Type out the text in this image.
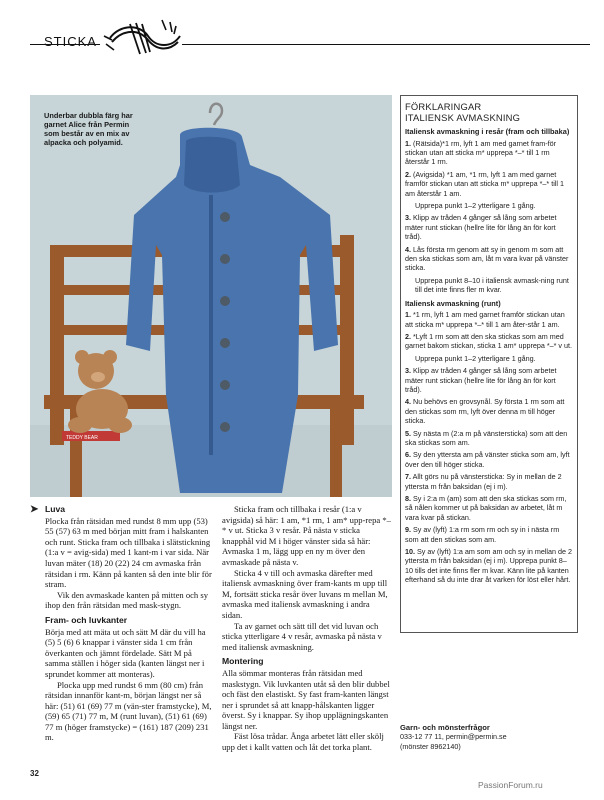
STICKA
TEDDY BEAR
Underbar dubbla färg har garnet Alice från Permin som består av en mix av alpacka och polyamid.
➤ Luva

Plocka från rätsidan med rundst 8 mm upp (53) 55 (57) 63 m med början mitt fram i halskanten och runt. Sticka fram och tillbaka i slätstickning (1:a v = avig-sida) med 1 kant-m i var sida. När luvan mäter (18) 20 (22) 24 cm avmaska från rätsidan i rm. Känn på kanten så den inte blir för stram.

Vik den avmaskade kanten på mitten och sy ihop den från rätsidan med mask-stygn.

Fram- och luvkanter

Börja med att mäta ut och sätt M där du vill ha (5) 5 (6) 6 knappar i vänster sida 1 cm från överkanten och jämnt fördelade. Sätt M på samma ställen i höger sida (kanten längst ner i sprundet kommer att monteras).

Plocka upp med rundst 6 mm (80 cm) från rätsidan innanför kant-m, början längst ner så här: (51) 61 (69) 77 m (vän-ster framstycke), M, (59) 65 (71) 77 m, M (runt luvan), (51) 61 (69) 77 m (höger framstycke) = (161) 187 (209) 231 m.

Sticka fram och tillbaka i resår (1:a v avigsida) så här: 1 am, *1 rm, 1 am* upp-repa *–* v ut. Sticka 3 v resår. På nästa v sticka knapphål vid M i höger vänster sida så här: Avmaska 1 m, lägg upp en ny m över den avmaskade på nästa v.

Sticka 4 v till och avmaska därefter med italiensk avmaskning över fram-kants m upp till M, fortsätt sticka resår över luvans m mellan M, avmaska med italiensk avmaskning i andra sidan.

Ta av garnet och sätt till det vid luvan och sticka ytterligare 4 v resår, avmaska på nästa v med italiensk avmaskning.

Montering

Alla sömmar monteras från rätsidan med maskstygn. Vik luvkanten utåt så den blir dubbel och fäst den elastiskt. Sy fast fram-kanten längst ner i sprundet så att knapp-hålskanten ligger överst. Sy i knappar. Sy ihop upplägningskanten längst ner.

Fäst lösa trådar. Ånga arbetet lätt eller skölj upp det i kallt vatten och låt det torka plant.

FÖRKLARINGAR
ITALIENSK AVMASKNING
Italiensk avmaskning i resår (fram och tillbaka)
1. (Rätsida)*1 rm, lyft 1 am med garnet fram-för stickan utan att sticka m* upprepa *–* till 1 rm återstår 1 rm.
2. (Avigsida) *1 am, *1 rm, lyft 1 am med garnet framför stickan utan att sticka m* upprepa *–* till 1 am återstår 1 am.
Upprepa punkt 1–2 ytterligare 1 gång.
3. Klipp av tråden 4 gånger så lång som arbetet mäter runt stickan (hellre lite för lång än för kort tråd).
4. Lås första rm genom att sy in genom m som att den ska stickas som am, låt m vara kvar på vänster sticka.
Upprepa punkt 8–10 i italiensk avmask-ning runt till det inte finns fler m kvar.
Italiensk avmaskning (runt)
1. *1 rm, lyft 1 am med garnet framför stickan utan att sticka m* upprepa *–* till 1 am åter-står 1 am.
2. *Lyft 1 rm som att den ska stickas som am med garnet bakom stickan, sticka 1 am* upprepa *–* v ut.
Upprepa punkt 1–2 ytterligare 1 gång.
3. Klipp av tråden 4 gånger så lång som arbetet mäter runt stickan (hellre lite för lång än för kort tråd).
4. Nu behövs en grovsynål. Sy första 1 rm som att den stickas som rm, lyft över denna m till höger sticka.
5. Sy nästa m (2:a m på vänstersticka) som att den ska stickas som am.
6. Sy den yttersta am på vänster sticka som am, lyft över den till höger sticka.
7. Allt görs nu på vänstersticka: Sy in mellan de 2 yttersta m från baksidan (ej i m).
8. Sy i 2:a m (am) som att den ska stickas som rm, så nålen kommer ut på baksidan av arbetet, låt m vara kvar på stickan.
9. Sy av (lyft) 1:a rm som rm och sy in i nästa rm som att den stickas som am.
10. Sy av (lyft) 1:a am som am och sy in mellan de 2 yttersta m från baksidan (ej i m). Upprepa punkt 8–10 tills det inte finns fler m kvar. Känn lite på kanten efterhand så du inte drar åt varken för löst eller hårt.
Garn- och mönsterfrågor
033-12 77 11, permin@permin.se
(mönster 8962140)
32
PassionForum.ru
